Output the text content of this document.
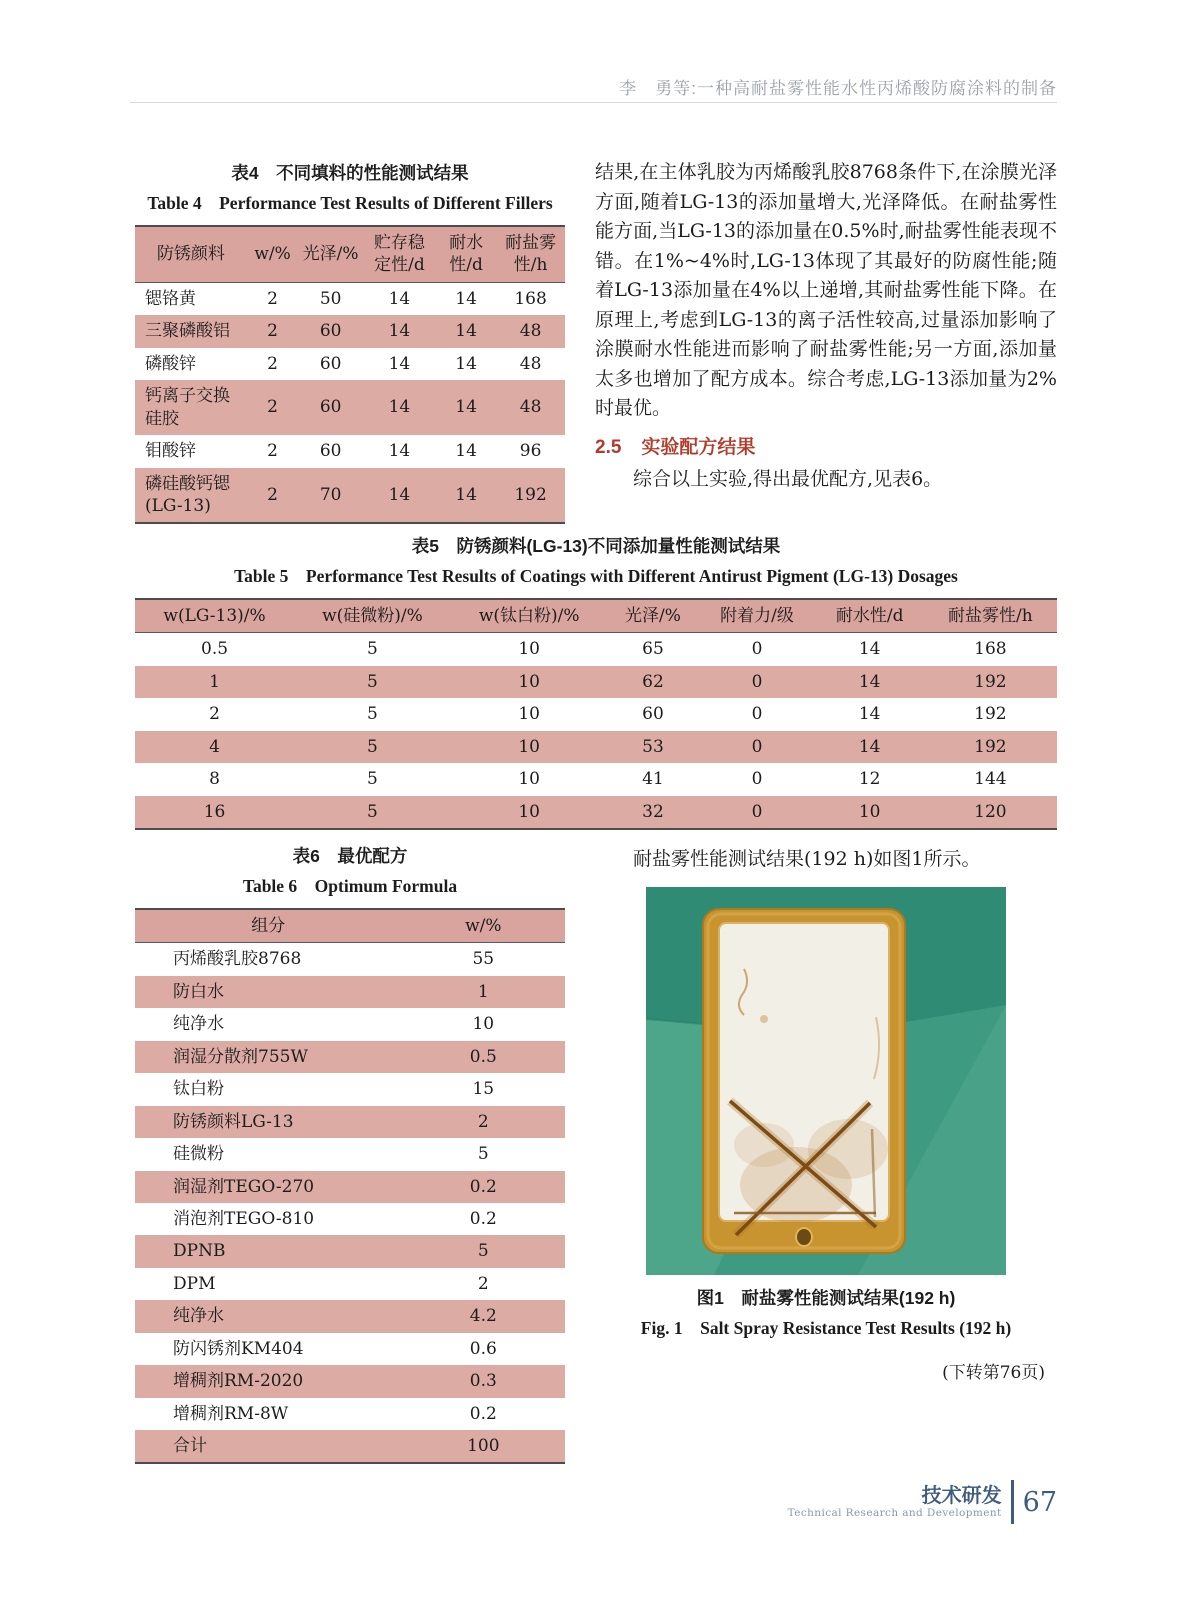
李　勇等:一种高耐盐雾性能水性丙烯酸防腐涂料的制备
表4　不同填料的性能测试结果
Table 4　Performance Test Results of Different Fillers
防锈颜料	w/%	光泽/%	贮存稳定性/d	耐水性/d	耐盐雾性/h
锶铬黄	2	50	14	14	168
三聚磷酸铝	2	60	14	14	48
磷酸锌	2	60	14	14	48
钙离子交换硅胶	2	60	14	14	48
钼酸锌	2	60	14	14	96
磷硅酸钙锶(LG-13)	2	70	14	14	192

结果,在主体乳胶为丙烯酸乳胶8768条件下,在涂膜光泽方面,随着LG-13的添加量增大,光泽降低。在耐盐雾性能方面,当LG-13的添加量在0.5%时,耐盐雾性能表现不错。在1%~4%时,LG-13体现了其最好的防腐性能;随着LG-13添加量在4%以上递增,其耐盐雾性能下降。在原理上,考虑到LG-13的离子活性较高,过量添加影响了涂膜耐水性能进而影响了耐盐雾性能;另一方面,添加量太多也增加了配方成本。综合考虑,LG-13添加量为2%时最优。

2.5 实验配方结果

综合以上实验,得出最优配方,见表6。

表5　防锈颜料(LG-13)不同添加量性能测试结果
Table 5　Performance Test Results of Coatings with Different Antirust Pigment (LG-13) Dosages
w(LG-13)/%	w(硅微粉)/%	w(钛白粉)/%	光泽/%	附着力/级	耐水性/d	耐盐雾性/h
0.5	5	10	65	0	14	168
1	5	10	62	0	14	192
2	5	10	60	0	14	192
4	5	10	53	0	14	192
8	5	10	41	0	12	144
16	5	10	32	0	10	120
表6　最优配方
Table 6　Optimum Formula
组分	w/%
丙烯酸乳胶8768	55
防白水	1
纯净水	10
润湿分散剂755W	0.5
钛白粉	15
防锈颜料LG-13	2
硅微粉	5
润湿剂TEGO-270	0.2
消泡剂TEGO-810	0.2
DPNB	5
DPM	2
纯净水	4.2
防闪锈剂KM404	0.6
增稠剂RM-2020	0.3
增稠剂RM-8W	0.2
合计	100

耐盐雾性能测试结果(192 h)如图1所示。

图1　耐盐雾性能测试结果(192 h)
Fig. 1　Salt Spray Resistance Test Results (192 h)
(下转第76页)
技术研发
Technical Research and Development 67
